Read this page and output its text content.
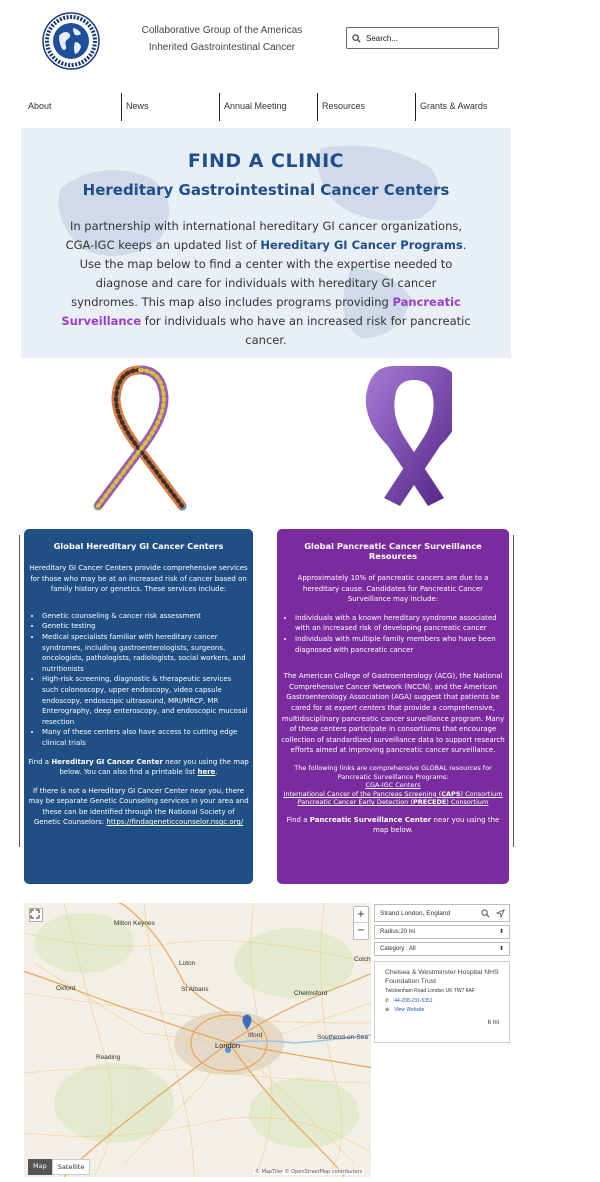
Collaborative Group of the Americas
Inherited Gastrointestinal Cancer
Search...
About	News	Annual Meeting	Resources	Grants & Awards
FIND A CLINIC
Hereditary Gastrointestinal Cancer Centers

In partnership with international hereditary GI cancer organizations, CGA-IGC keeps an updated list of Hereditary GI Cancer Programs. Use the map below to find a center with the expertise needed to diagnose and care for individuals with hereditary GI cancer syndromes. This map also includes programs providing Pancreatic Surveillance for individuals who have an increased risk for pancreatic cancer.

Global Hereditary GI Cancer Centers

Hereditary GI Cancer Centers provide comprehensive services for those who may be at an increased risk of cancer based on family history or genetics. These services include:

• Genetic counseling & cancer risk assessment
• Genetic testing
• Medical specialists familiar with hereditary cancer syndromes, including gastroenterologists, surgeons, oncologists, pathologists, radiologists, social workers, and nutritionists
• High-risk screening, diagnostic & therapeutic services such colonoscopy, upper endoscopy, video capsule endoscopy, endoscopic ultrasound, MRI/MRCP, MR Enterography, deep enteroscopy, and endoscopic mucosal resection
• Many of these centers also have access to cutting edge clinical trials

Find a Hereditary GI Cancer Center near you using the map below. You can also find a printable list here.

If there is not a Hereditary GI Cancer Center near you, there may be separate Genetic Counseling services in your area and these can be identified through the National Society of Genetic Counselors: https://findageneticcounselor.nsgc.org/

Global Pancreatic Cancer Surveillance Resources

Approximately 10% of pancreatic cancers are due to a hereditary cause. Candidates for Pancreatic Cancer Surveillance may include:

• Individuals with a known hereditary syndrome associated with an increased risk of developing pancreatic cancer
• Individuals with multiple family members who have been diagnosed with pancreatic cancer

The American College of Gastroenterology (ACG), the National Comprehensive Cancer Network (NCCN), and the American Gastroenterology Association (AGA) suggest that patients be cared for at expert centers that provide a comprehensive, multidisciplinary pancreatic cancer surveillance program. Many of these centers participate in consortiums that encourage collection of standardized surveillance data to support research efforts aimed at improving pancreatic cancer surveillance.

The following links are comprehensive GLOBAL resources for Pancreatic Surveillance Programs:

CGA-IGC Centers
International Cancer of the Pancreas Screening (CAPS) Consortium
Pancreatic Cancer Early Detection (PRECEDE) Consortium

Find a Pancreatic Surveillance Center near you using the map below.

Milton Keynes
Luton
Oxford	St Albans
Chelmsford
Colch
Ilford
London
Southend-on-Sea
Reading
+
−
Map	Satellite
© MapTiler © OpenStreetMap contributors
Strand London, England
Radius:20 mi	⬍
Category : All	⬍
Chelsea & Westminster Hospital NHS Foundation Trust
Twickenham Road London UK TW7 6AF
✆ 44-208-231-5351
⊕ View Website
6 mi
